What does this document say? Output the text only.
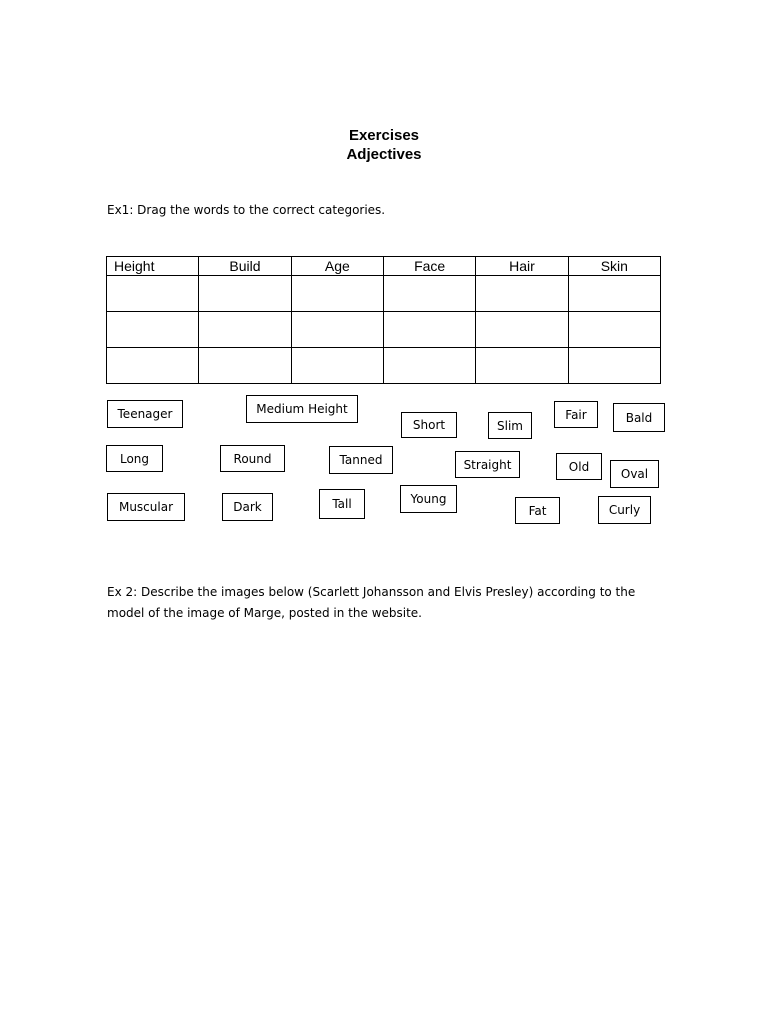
Exercises
Adjectives
Ex1: Drag the words to the correct categories.
Height	Build	Age	Face	Hair	Skin

Teenager	Medium Height
Short	Slim
Fair	Bald
Long	Round	Tanned	Straight	Old
Oval
Muscular	Dark	Tall	Young
Fat	Curly
Ex 2: Describe the images below (Scarlett Johansson and Elvis Presley) according to the model of the image of Marge, posted in the website.
